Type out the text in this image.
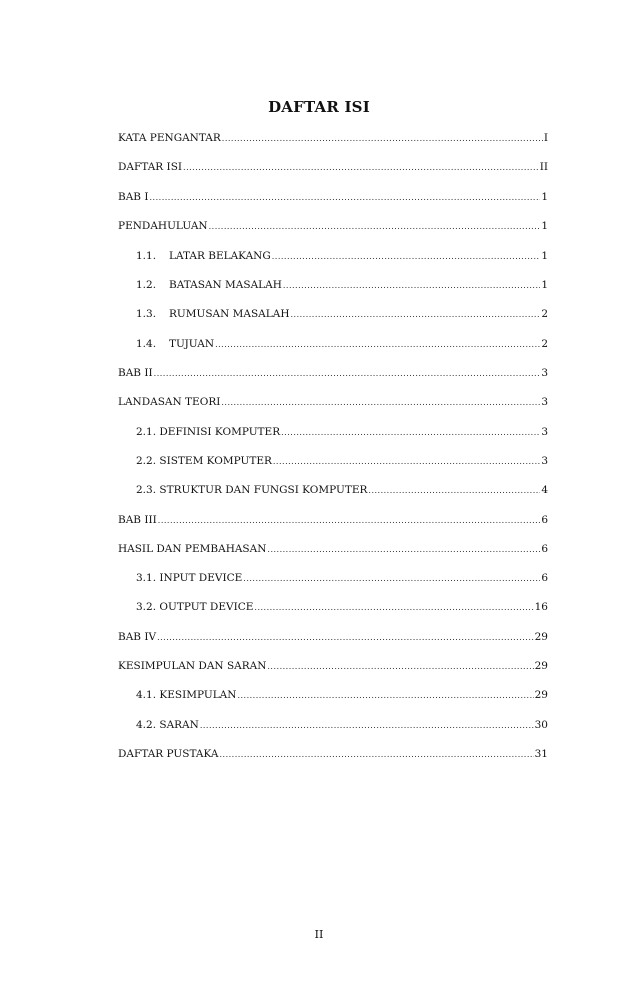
DAFTAR ISI
KATA PENGANTAR .....	I
DAFTAR ISI .....	II
BAB I .....	1
PENDAHULUAN .....	1
1.1.	LATAR BELAKANG .....	1
1.2.	BATASAN MASALAH .....	1
1.3.	RUMUSAN MASALAH .....	2
1.4.	TUJUAN .....	2
BAB II .....	3
LANDASAN TEORI .....	3
2.1. DEFINISI KOMPUTER .....	3
2.2. SISTEM KOMPUTER .....	3
2.3. STRUKTUR DAN FUNGSI KOMPUTER .....	4
BAB III .....	6
HASIL DAN PEMBAHASAN .....	6
3.1. INPUT DEVICE .....	6
3.2. OUTPUT DEVICE .....	16
BAB IV .....	29
KESIMPULAN DAN SARAN .....	29
4.1. KESIMPULAN .....	29
4.2. SARAN .....	30
DAFTAR PUSTAKA .....	31
II
